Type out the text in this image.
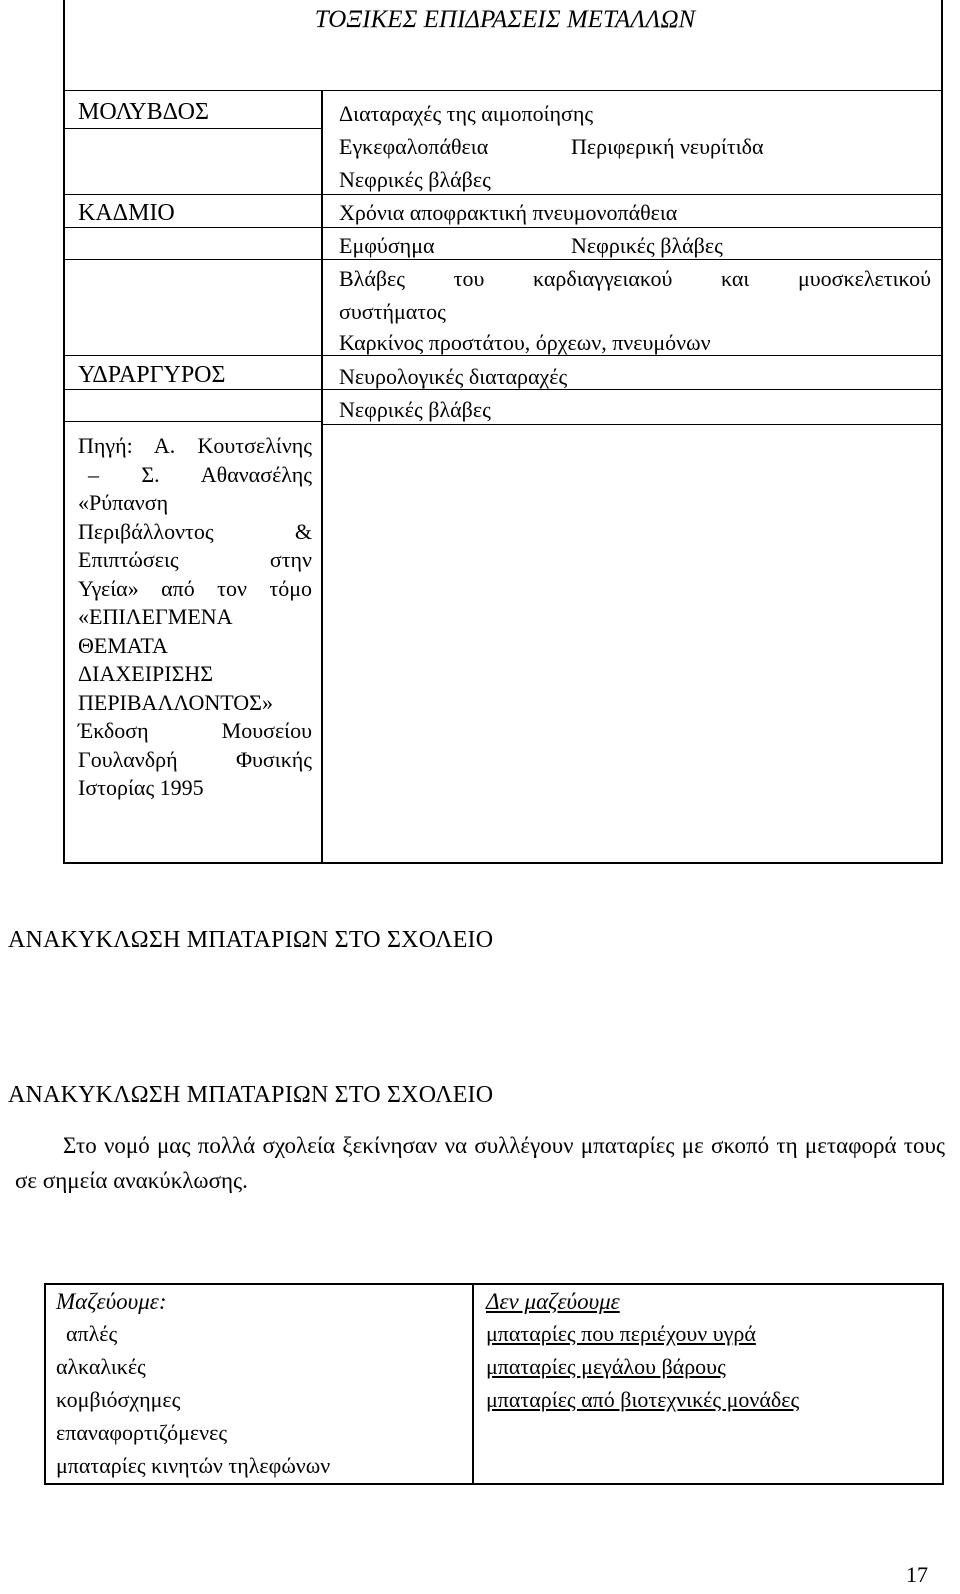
ΤΟΞΙΚΕΣ ΕΠΙΔΡΑΣΕΙΣ ΜΕΤΑΛΛΩΝ
ΜΟΛΥΒΔΟΣ
ΚΑΔΜΙΟ
ΥΔΡΑΡΓΥΡΟΣ
Διαταραχές της αιμοποίησης
Εγκεφαλοπάθεια	Περιφερική νευρίτιδα
Νεφρικές βλάβες
Χρόνια αποφρακτική πνευμονοπάθεια
Εμφύσημα	Νεφρικές βλάβες
Βλάβες του καρδιαγγειακού και μυοσκελετικού
συστήματος
Καρκίνος προστάτου, όρχεων, πνευμόνων
Νευρολογικές διαταραχές
Νεφρικές βλάβες
Πηγή: Α. Κουτσελίνης
– Σ. Αθανασέλης
«Ρύπανση
Περιβάλλοντος &
Επιπτώσεις στην
Υγεία» από τον τόμο
«ΕΠΙΛΕΓΜΕΝΑ
ΘΕΜΑΤΑ
ΔΙΑΧΕΙΡΙΣΗΣ
ΠΕΡΙΒΑΛΛΟΝΤΟΣ»
Έκδοση Μουσείου
Γουλανδρή Φυσικής
Ιστορίας 1995
ΑΝΑΚΥΚΛΩΣΗ ΜΠΑΤΑΡΙΩΝ ΣΤΟ ΣΧΟΛΕΙΟ
ΑΝΑΚΥΚΛΩΣΗ ΜΠΑΤΑΡΙΩΝ ΣΤΟ ΣΧΟΛΕΙΟ
Στο νομό μας πολλά σχολεία ξεκίνησαν να συλλέγουν μπαταρίες με σκοπό τη μεταφορά τους σε σημεία ανακύκλωσης.
Μαζεύουμε:
απλές
αλκαλικές
κομβιόσχημες
επαναφορτιζόμενες
μπαταρίες κινητών τηλεφώνων
Δεν μαζεύουμε
μπαταρίες που περιέχουν υγρά
μπαταρίες μεγάλου βάρους
μπαταρίες από βιοτεχνικές μονάδες
17
